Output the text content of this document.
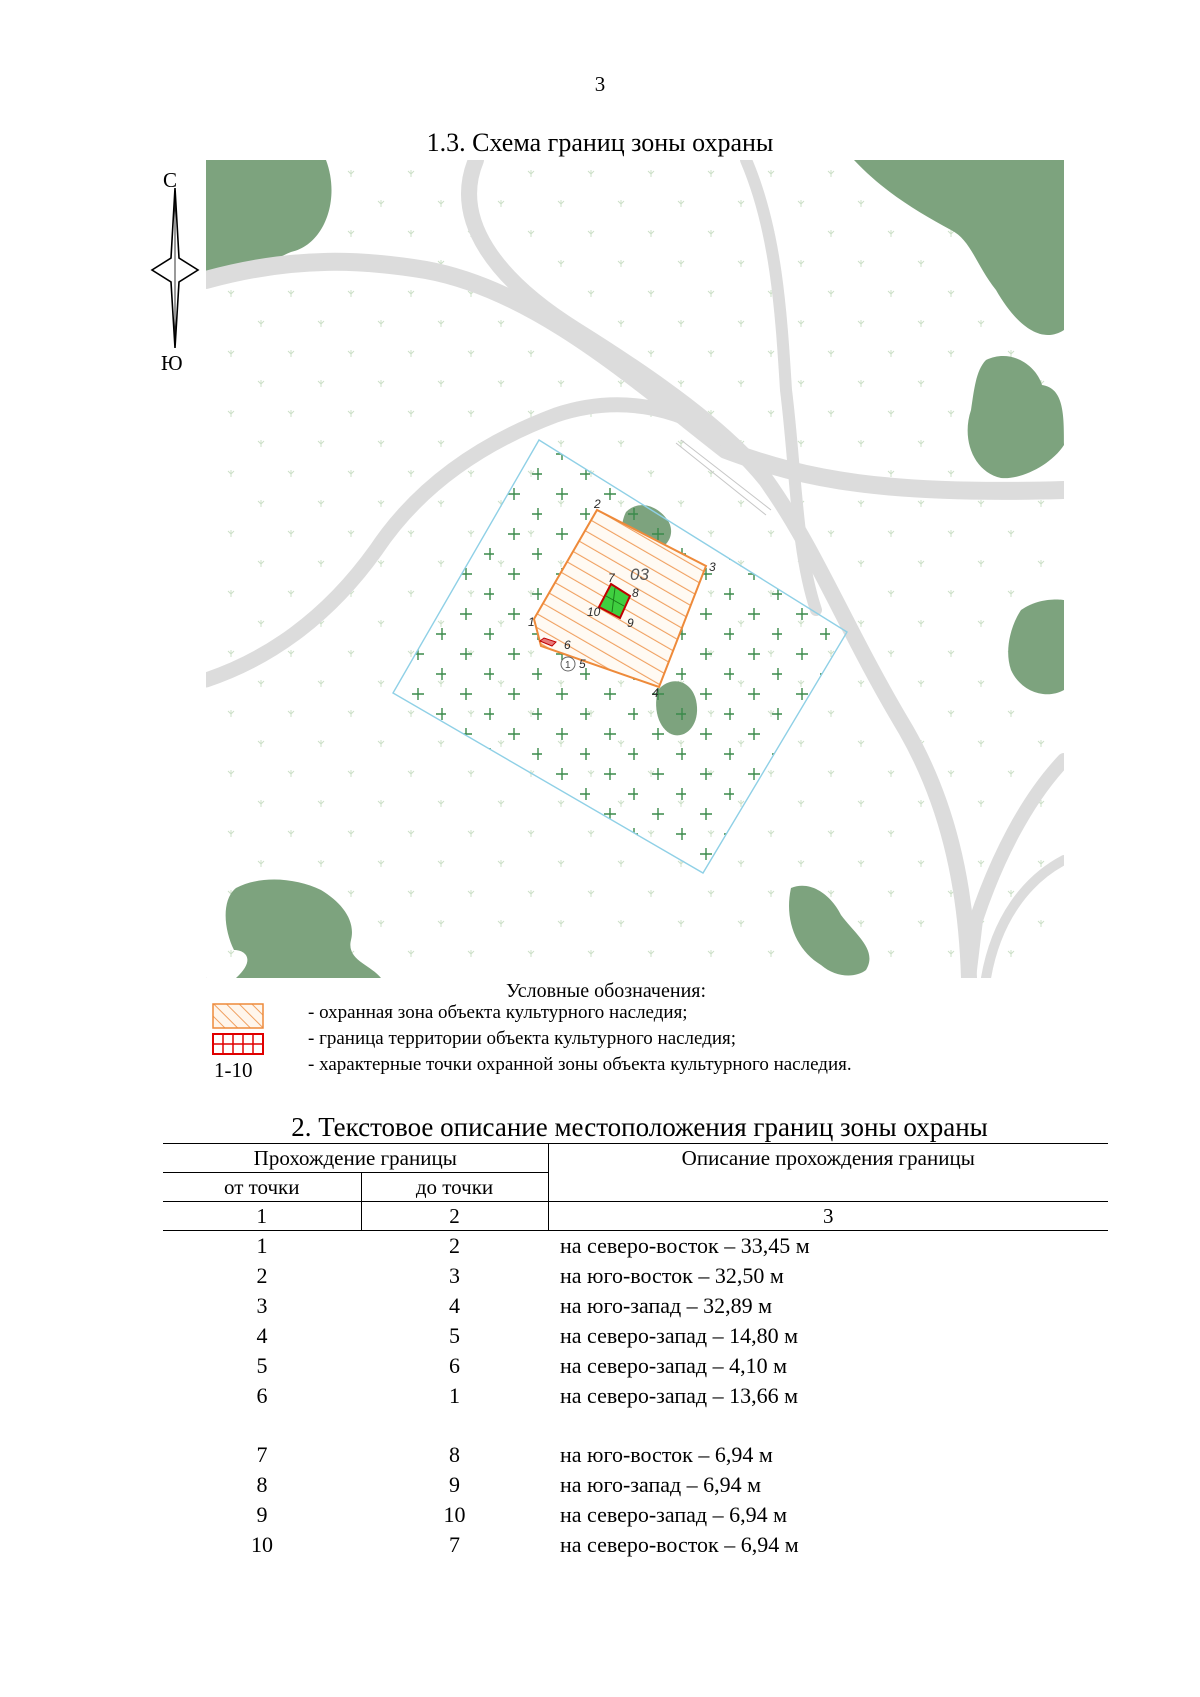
3
1.3. Схема границ зоны охраны
С
Ю
1
2
3
4
5
6
7
8
9
10
03
1
Условные обозначения:
1-10
- охранная зона объекта культурного наследия;
- граница территории объекта культурного наследия;
- характерные точки охранной зоны объекта культурного наследия.
2. Текстовое описание местоположения границ зоны охраны
Прохождение границы		Описание прохождения границы
от точки	до точки	
1	2	3
1	2	на северо-восток – 33,45 м
2	3	на юго-восток – 32,50 м
3	4	на юго-запад – 32,89 м
4	5	на северо-запад – 14,80 м
5	6	на северо-запад – 4,10 м
6	1	на северо-запад – 13,66 м

7	8	на юго-восток – 6,94 м
8	9	на юго-запад – 6,94 м
9	10	на северо-запад – 6,94 м
10	7	на северо-восток – 6,94 м
